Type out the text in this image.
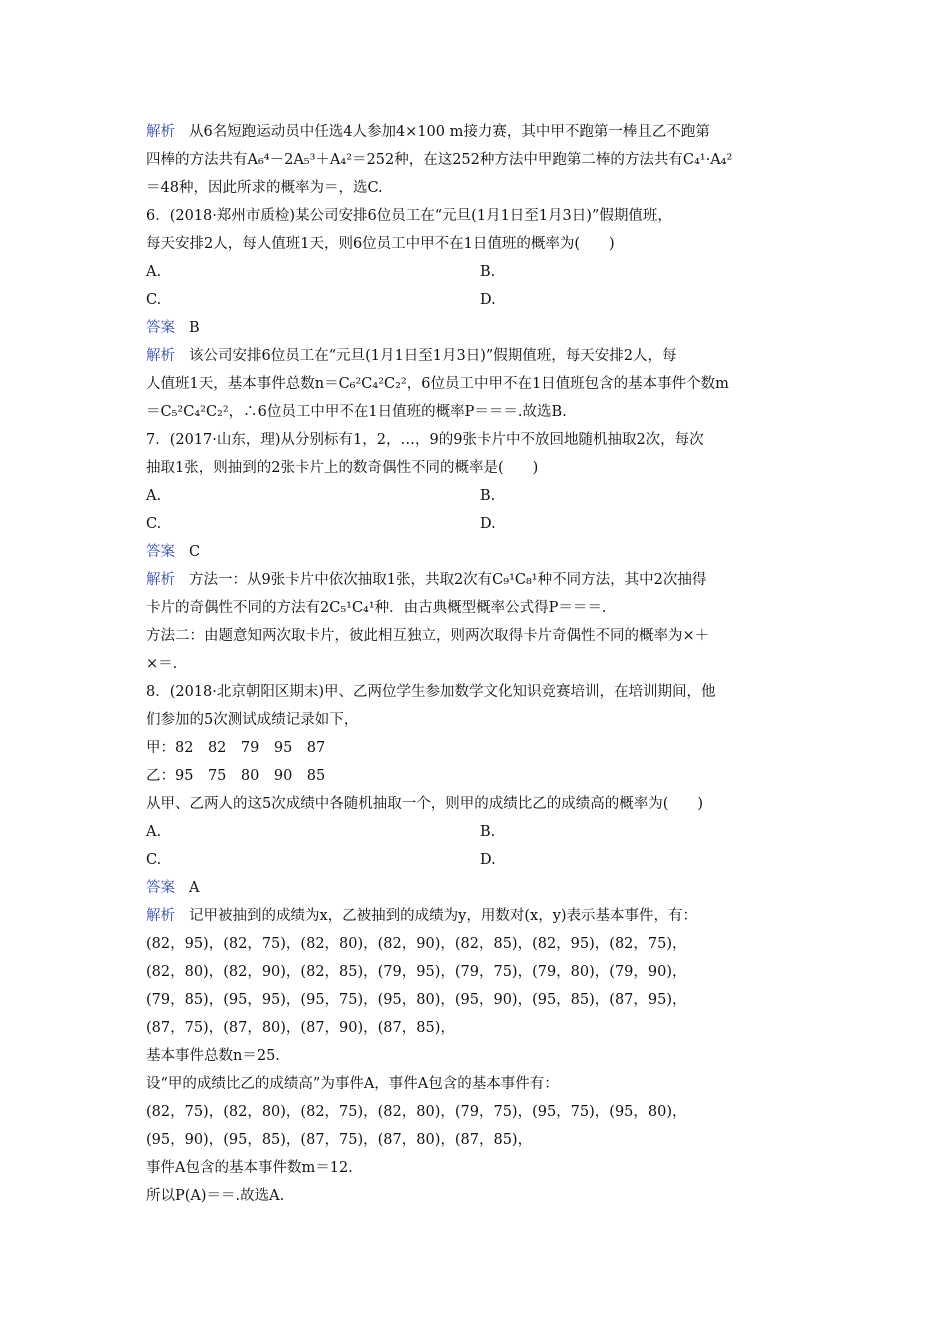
解析 从6名短跑运动员中任选4人参加4×100 m接力赛，其中甲不跑第一棒且乙不跑第
四棒的方法共有A₆⁴－2A₅³＋A₄²＝252种，在这252种方法中甲跑第二棒的方法共有C₄¹·A₄²
＝48种，因此所求的概率为＝，选C.
6．(2018·郑州市质检)某公司安排6位员工在“元旦(1月1日至1月3日)”假期值班，
每天安排2人，每人值班1天，则6位员工中甲不在1日值班的概率为(　　)
A.	B.
C.	D.
答案 B
解析 该公司安排6位员工在“元旦(1月1日至1月3日)”假期值班，每天安排2人，每
人值班1天，基本事件总数n＝C₆²C₄²C₂²，6位员工中甲不在1日值班包含的基本事件个数m
＝C₅²C₄²C₂²，∴6位员工中甲不在1日值班的概率P＝＝＝.故选B.
7．(2017·山东，理)从分别标有1，2，…，9的9张卡片中不放回地随机抽取2次，每次
抽取1张，则抽到的2张卡片上的数奇偶性不同的概率是(　　)
A.	B.
C.	D.
答案 C
解析 方法一：从9张卡片中依次抽取1张，共取2次有C₉¹C₈¹种不同方法，其中2次抽得
卡片的奇偶性不同的方法有2C₅¹C₄¹种．由古典概型概率公式得P＝＝＝.
方法二：由题意知两次取卡片，彼此相互独立，则两次取得卡片奇偶性不同的概率为×＋
×＝.
8．(2018·北京朝阳区期末)甲、乙两位学生参加数学文化知识竞赛培训，在培训期间，他
们参加的5次测试成绩记录如下，
甲：82　82　79　95　87
乙：95　75　80　90　85
从甲、乙两人的这5次成绩中各随机抽取一个，则甲的成绩比乙的成绩高的概率为(　　)
A.	B.
C.	D.
答案 A
解析 记甲被抽到的成绩为x，乙被抽到的成绩为y，用数对(x，y)表示基本事件，有：
(82，95)，(82，75)，(82，80)，(82，90)，(82，85)，(82，95)，(82，75)，
(82，80)，(82，90)，(82，85)，(79，95)，(79，75)，(79，80)，(79，90)，
(79，85)，(95，95)，(95，75)，(95，80)，(95，90)，(95，85)，(87，95)，
(87，75)，(87，80)，(87，90)，(87，85)，
基本事件总数n＝25.
设“甲的成绩比乙的成绩高”为事件A，事件A包含的基本事件有：
(82，75)，(82，80)，(82，75)，(82，80)，(79，75)，(95，75)，(95，80)，
(95，90)，(95，85)，(87，75)，(87，80)，(87，85)，
事件A包含的基本事件数m＝12.
所以P(A)＝＝.故选A.
